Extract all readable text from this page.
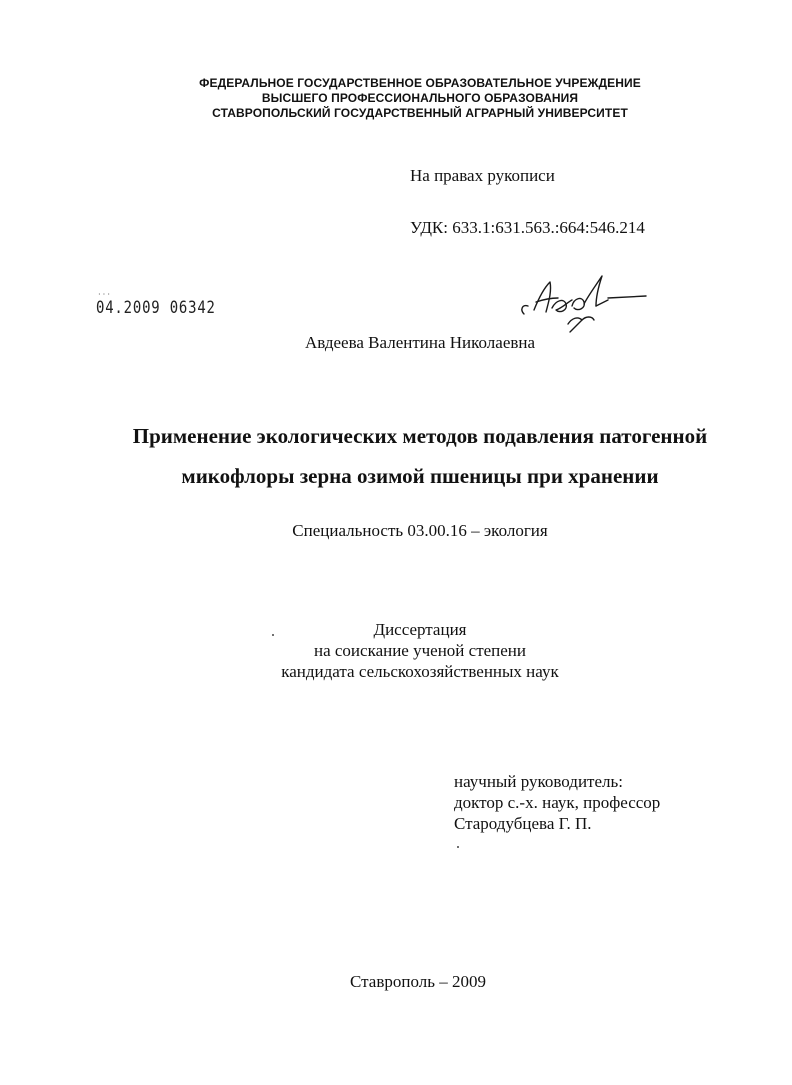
ФЕДЕРАЛЬНОЕ ГОСУДАРСТВЕННОЕ ОБРАЗОВАТЕЛЬНОЕ УЧРЕЖДЕНИЕ
ВЫСШЕГО ПРОФЕССИОНАЛЬНОГО ОБРАЗОВАНИЯ
СТАВРОПОЛЬСКИЙ ГОСУДАРСТВЕННЫЙ АГРАРНЫЙ УНИВЕРСИТЕТ
На правах рукописи
УДК: 633.1:631.563.:664:546.214
···
04.2009 06342
Авдеева Валентина Николаевна
Применение экологических методов подавления патогенной
микофлоры зерна озимой пшеницы при хранении
Специальность 03.00.16 – экология
Диссертация
на соискание ученой степени
кандидата сельскохозяйственных наук
научный руководитель:
доктор с.-х. наук, профессор
Стародубцева Г. П.
Ставрополь – 2009
